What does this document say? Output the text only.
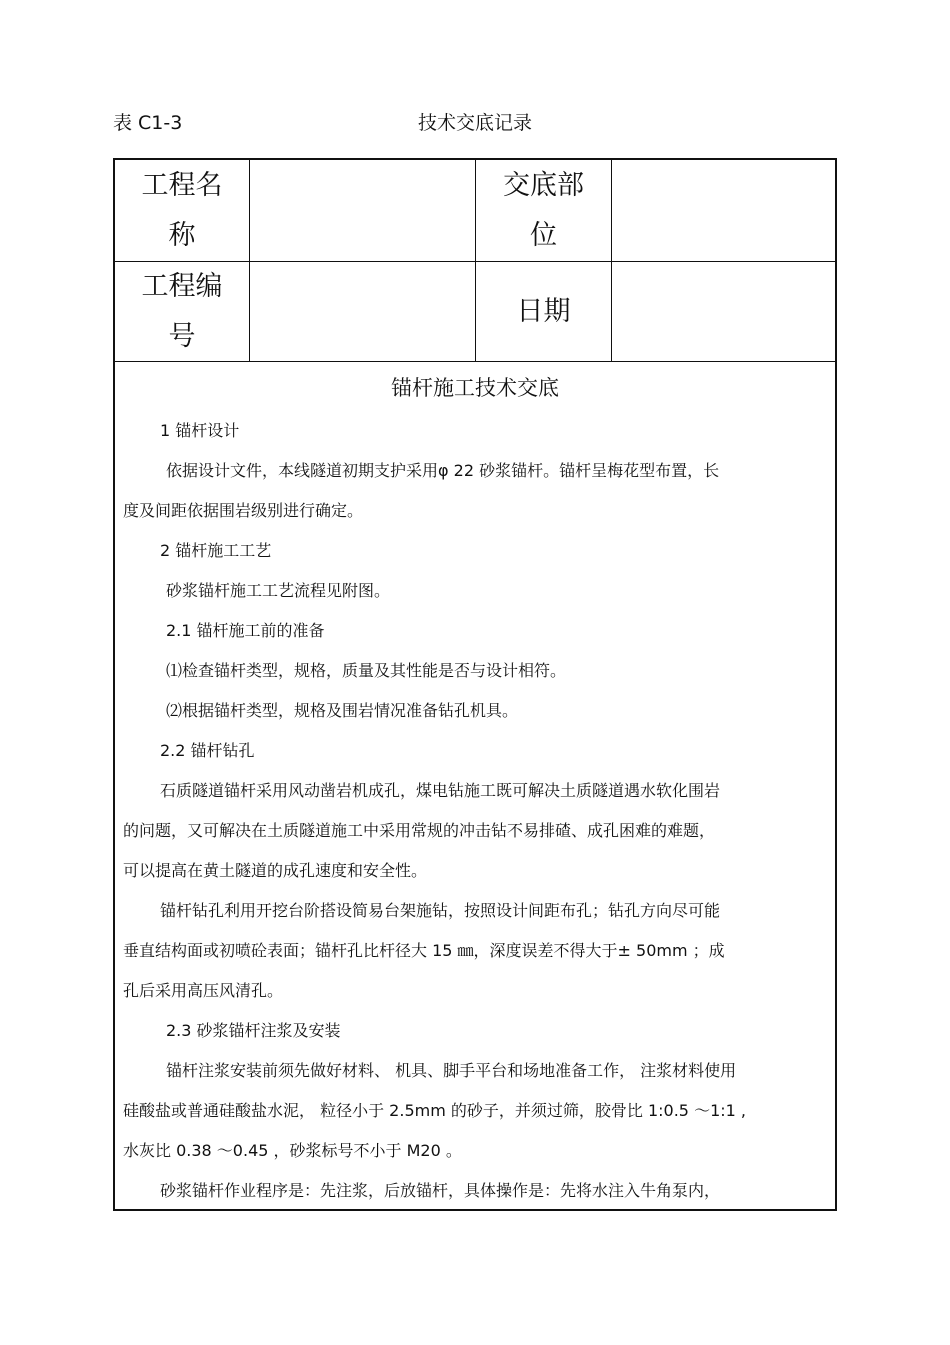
表 C1-3	技术交底记录
工程名
称
交底部
位
工程编
号
日期
锚杆施工技术交底
1 锚杆设计
依据设计文件，本线隧道初期支护采用φ 22 砂浆锚杆。锚杆呈梅花型布置，长
度及间距依据围岩级别进行确定。
2 锚杆施工工艺
砂浆锚杆施工工艺流程见附图。
2.1 锚杆施工前的准备
⑴检查锚杆类型，规格，质量及其性能是否与设计相符。
⑵根据锚杆类型，规格及围岩情况准备钻孔机具。
2.2 锚杆钻孔
石质隧道锚杆采用风动凿岩机成孔，煤电钻施工既可解决土质隧道遇水软化围岩
的问题，又可解决在土质隧道施工中采用常规的冲击钻不易排碴、成孔困难的难题，
可以提高在黄土隧道的成孔速度和安全性。
锚杆钻孔利用开挖台阶搭设简易台架施钻，按照设计间距布孔；钻孔方向尽可能
垂直结构面或初喷砼表面；锚杆孔比杆径大 15 ㎜，深度误差不得大于± 50mm ；成
孔后采用高压风清孔。
2.3 砂浆锚杆注浆及安装
锚杆注浆安装前须先做好材料、 机具、脚手平台和场地准备工作， 注浆材料使用
硅酸盐或普通硅酸盐水泥， 粒径小于 2.5mm 的砂子，并须过筛，胶骨比 1:0.5 ～1:1 ,
水灰比 0.38 ～0.45 ，砂浆标号不小于 M20 。
砂浆锚杆作业程序是：先注浆，后放锚杆，具体操作是：先将水注入牛角泵内，
